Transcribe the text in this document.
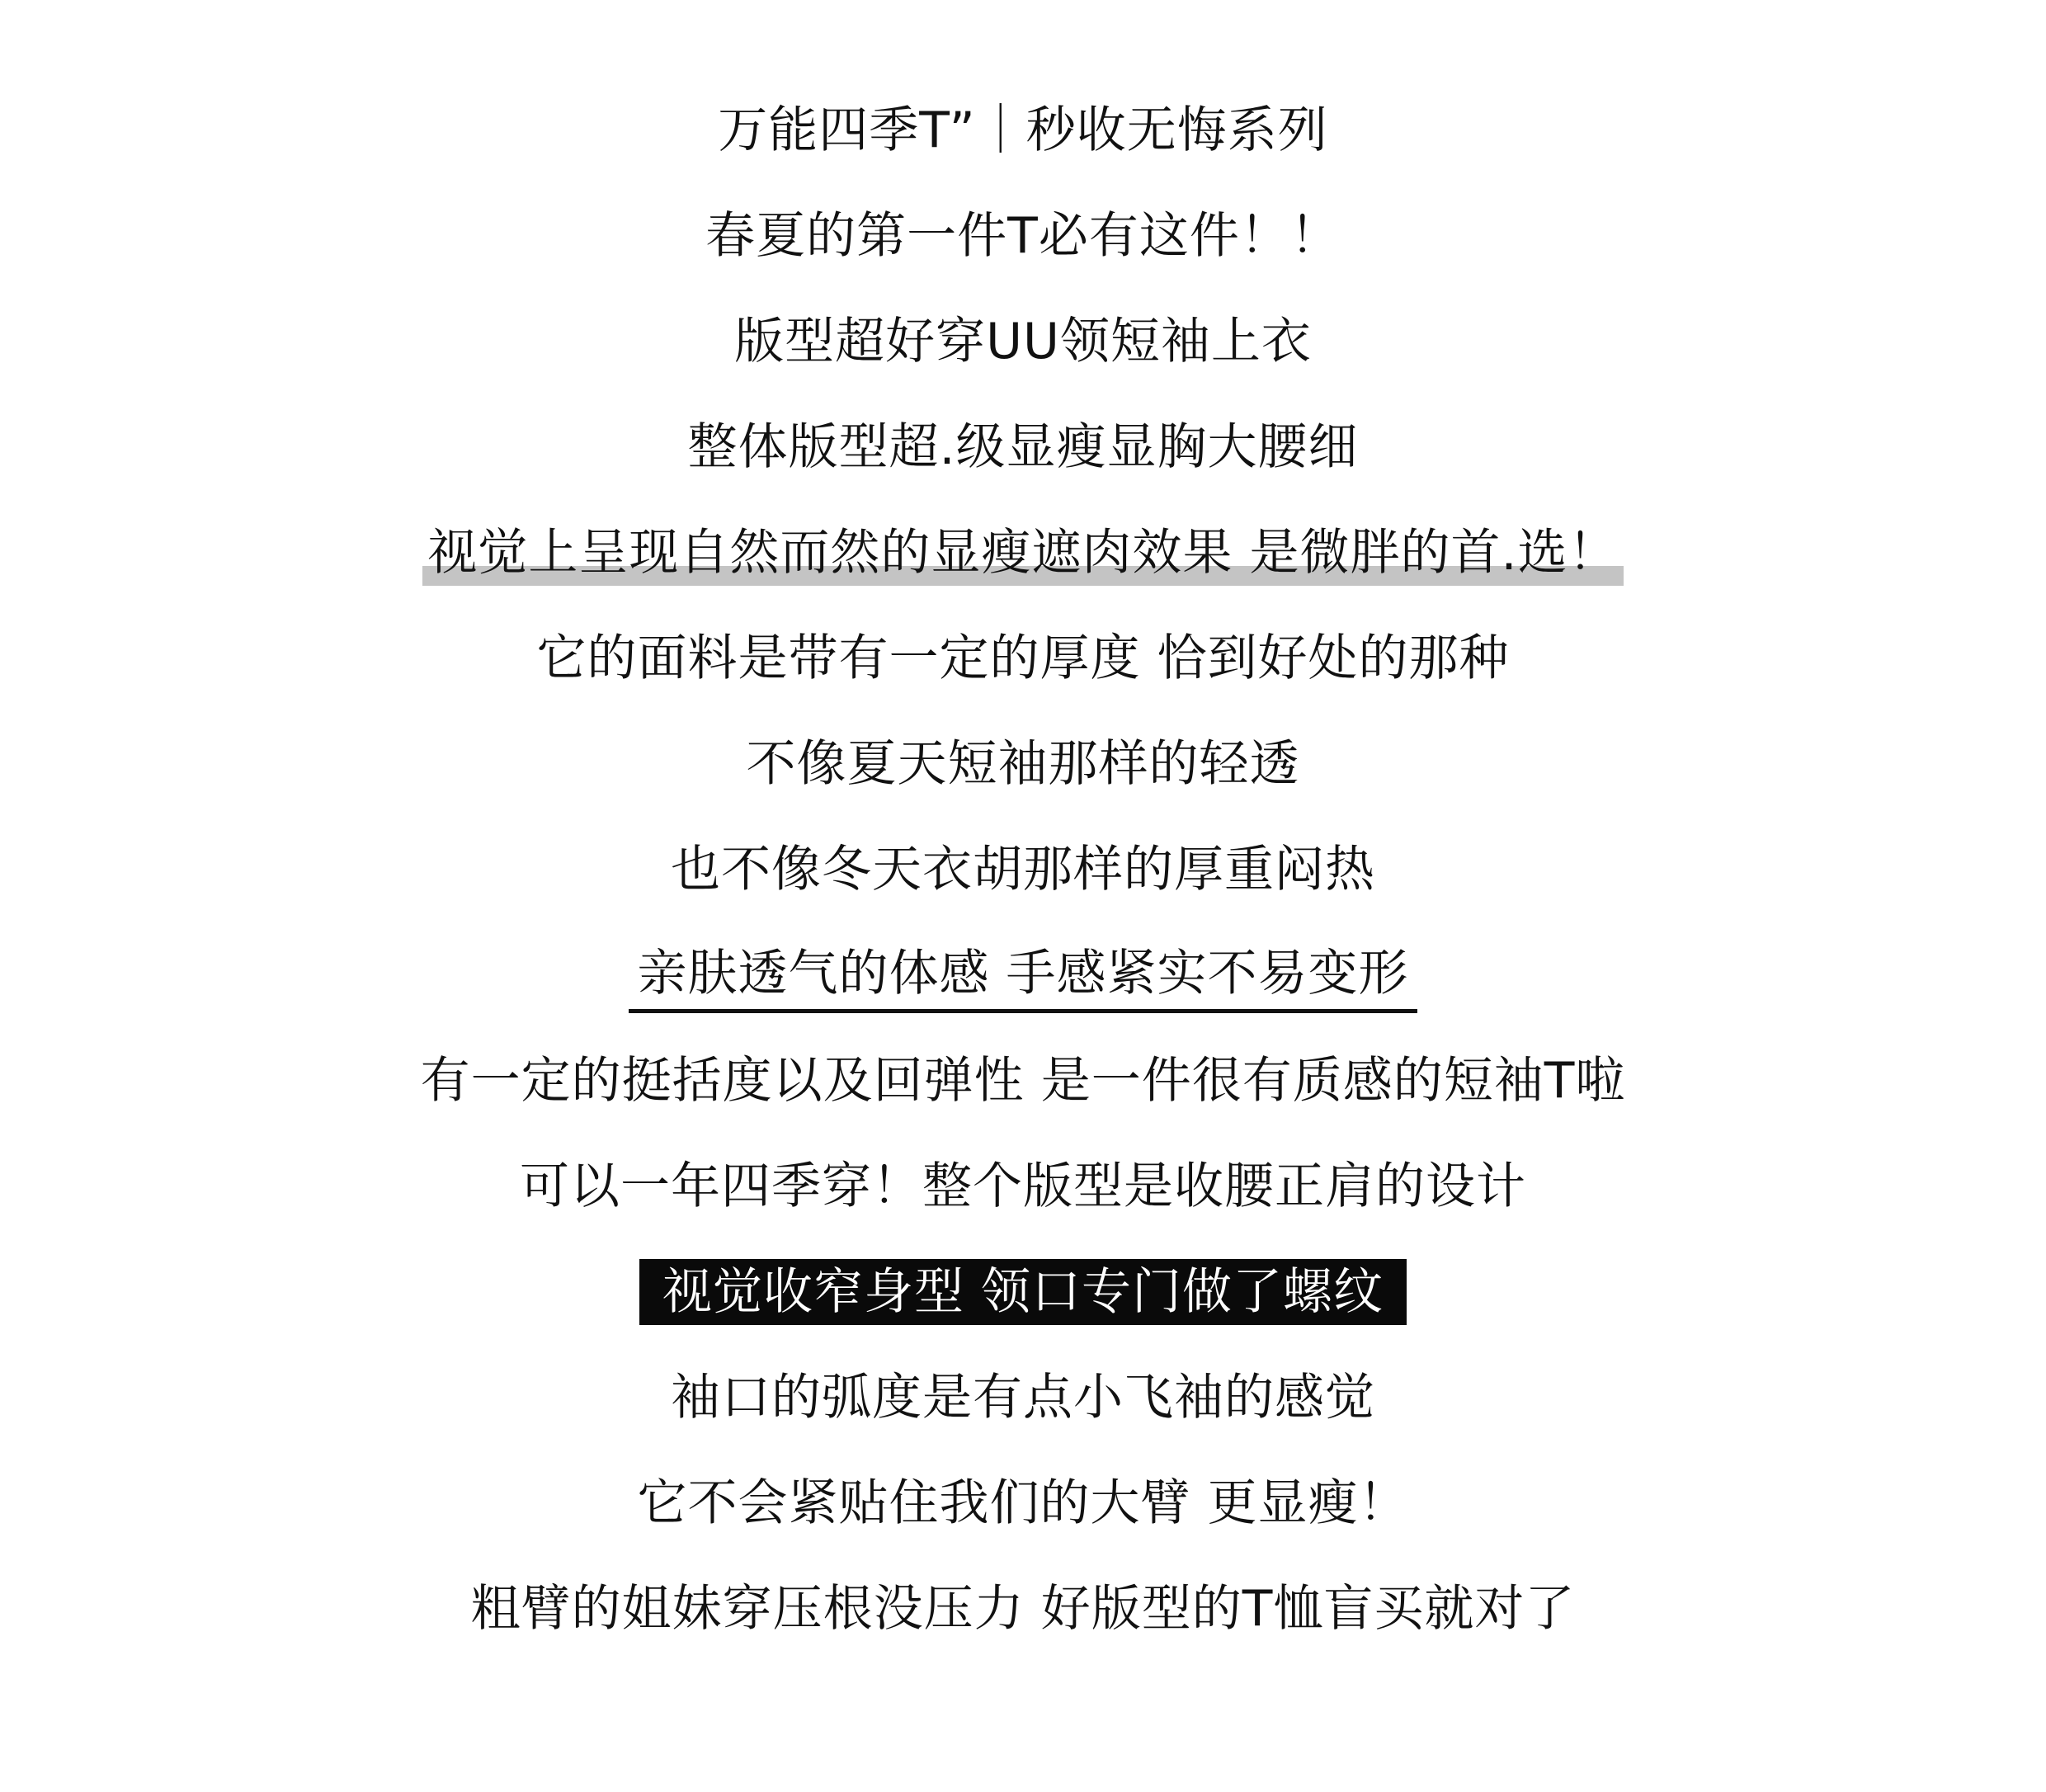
万能四季T”｜秒收无悔系列
春夏的第一件T必有这件！！
版型超好穿UU领短袖上衣
整体版型超.级显瘦显胸大腰细
视觉上呈现自然而然的显瘦遮肉效果 是微胖的首.选！
它的面料是带有一定的厚度 恰到好处的那种
不像夏天短袖那样的轻透
也不像冬天衣胡那样的厚重闷热
亲肤透气的体感 手感紧实不易变形
有一定的挺括度以及回弹性 是一件很有质感的短袖T啦
可以一年四季穿！整个版型是收腰正肩的设计
视觉收窄身型 领口专门做了螺纹
袖口的弧度是有点小飞袖的感觉
它不会紧贴住我们的大臂 更显瘦！
粗臂的姐妹穿压根没压力 好版型的T恤盲买就对了
